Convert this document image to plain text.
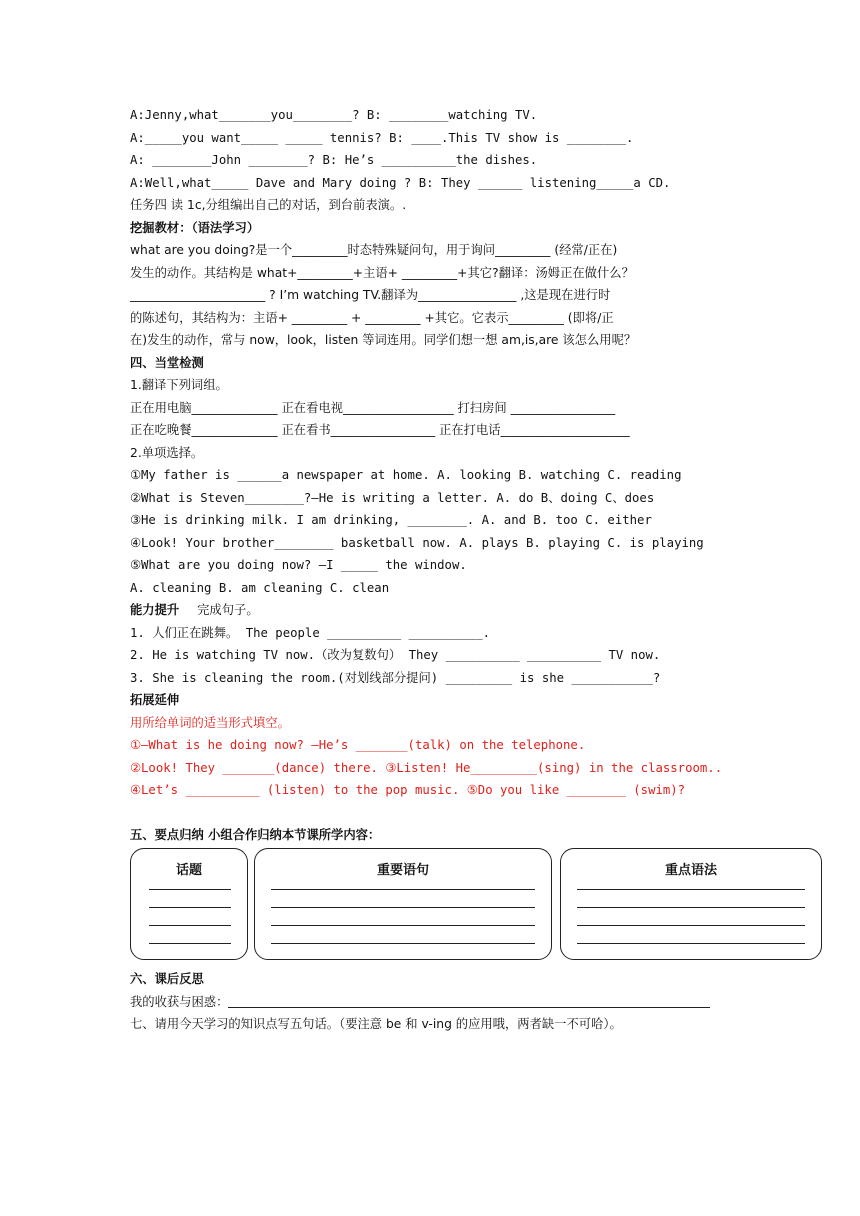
A:Jenny,what_______you________? B: ________watching TV.
A:_____you want_____ _____ tennis? B: ____.This TV show is ________.
A: ________John ________? B: He’s __________the dishes.
A:Well,what_____ Dave and Mary doing ? B: They ______ listening_____a CD.
任务四 读 1c,分组编出自己的对话，到台前表演。.
挖掘教材：（语法学习）
what are you doing?是一个_________时态特殊疑问句，用于询问_________ (经常/正在)
发生的动作。其结构是 what+_________+主语+ _________+其它?翻译：汤姆正在做什么？
______________________ ? I’m watching TV.翻译为________________ ,这是现在进行时
的陈述句，其结构为：主语+ _________ + _________ +其它。它表示_________ (即将/正
在)发生的动作，常与 now，look，listen 等词连用。同学们想一想 am,is,are 该怎么用呢？
四、当堂检测
1.翻译下列词组。
正在用电脑______________ 正在看电视__________________ 打扫房间 _________________
正在吃晚餐______________ 正在看书_________________ 正在打电话_____________________
2.单项选择。
①My father is ______a newspaper at home. A. looking B. watching C. reading
②What is Steven________?—He is writing a letter. A. do B、doing C、does
③He is drinking milk. I am drinking, ________. A. and B. too C. either
④Look! Your brother________ basketball now. A. plays B. playing C. is playing
⑤What are you doing now? —I _____ the window.
A. cleaning B. am cleaning C. clean
能力提升 完成句子。
1. 人们正在跳舞。 The people __________ __________.
2. He is watching TV now.（改为复数句） They __________ __________ TV now.
3. She is cleaning the room.(对划线部分提问) _________ is she ___________?
拓展延伸
用所给单词的适当形式填空。
①—What is he doing now? —He’s _______(talk) on the telephone.
②Look! They _______(dance) there. ③Listen! He_________(sing) in the classroom..
④Let’s __________ (listen) to the pop music. ⑤Do you like ________ (swim)?
五、要点归纳 小组合作归纳本节课所学内容：
话题	重要语句	重点语法
六、课后反思
我的收获与困惑：
七、请用今天学习的知识点写五句话。（要注意 be 和 v-ing 的应用哦，两者缺一不可哈）。
